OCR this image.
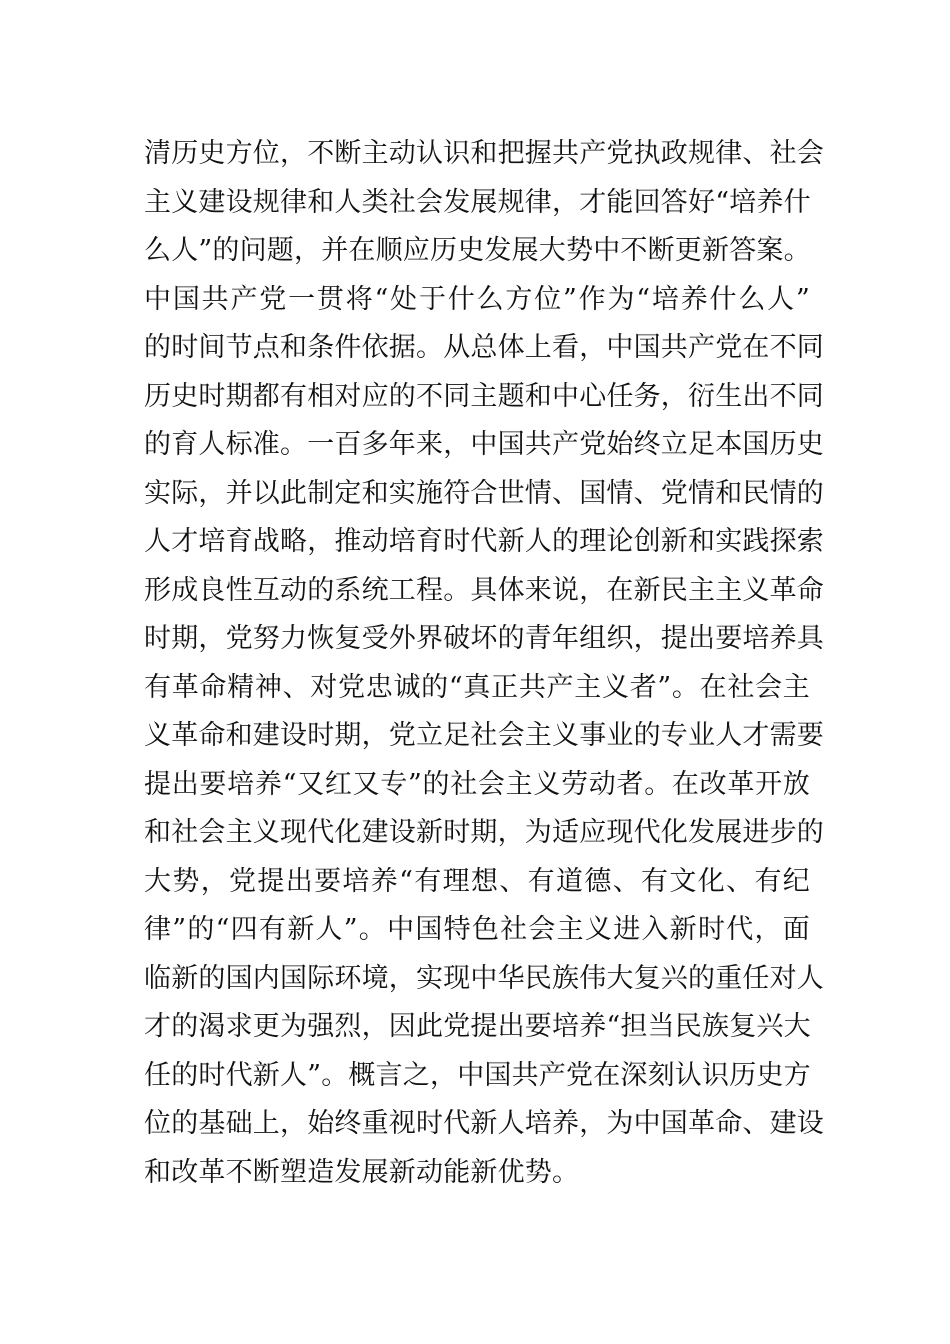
清历史方位，不断主动认识和把握共产党执政规律、社会
主义建设规律和人类社会发展规律，才能回答好“培养什
么人”的问题，并在顺应历史发展大势中不断更新答案。
中国共产党一贯将“处于什么方位”作为“培养什么人”
的时间节点和条件依据。从总体上看，中国共产党在不同
历史时期都有相对应的不同主题和中心任务，衍生出不同
的育人标准。一百多年来，中国共产党始终立足本国历史
实际，并以此制定和实施符合世情、国情、党情和民情的
人才培育战略，推动培育时代新人的理论创新和实践探索
形成良性互动的系统工程。具体来说，在新民主主义革命
时期，党努力恢复受外界破坏的青年组织，提出要培养具
有革命精神、对党忠诚的“真正共产主义者”。在社会主
义革命和建设时期，党立足社会主义事业的专业人才需要
提出要培养“又红又专”的社会主义劳动者。在改革开放
和社会主义现代化建设新时期，为适应现代化发展进步的
大势，党提出要培养“有理想、有道德、有文化、有纪
律”的“四有新人”。中国特色社会主义进入新时代，面
临新的国内国际环境，实现中华民族伟大复兴的重任对人
才的渴求更为强烈，因此党提出要培养“担当民族复兴大
任的时代新人”。概言之，中国共产党在深刻认识历史方
位的基础上，始终重视时代新人培养，为中国革命、建设
和改革不断塑造发展新动能新优势。
